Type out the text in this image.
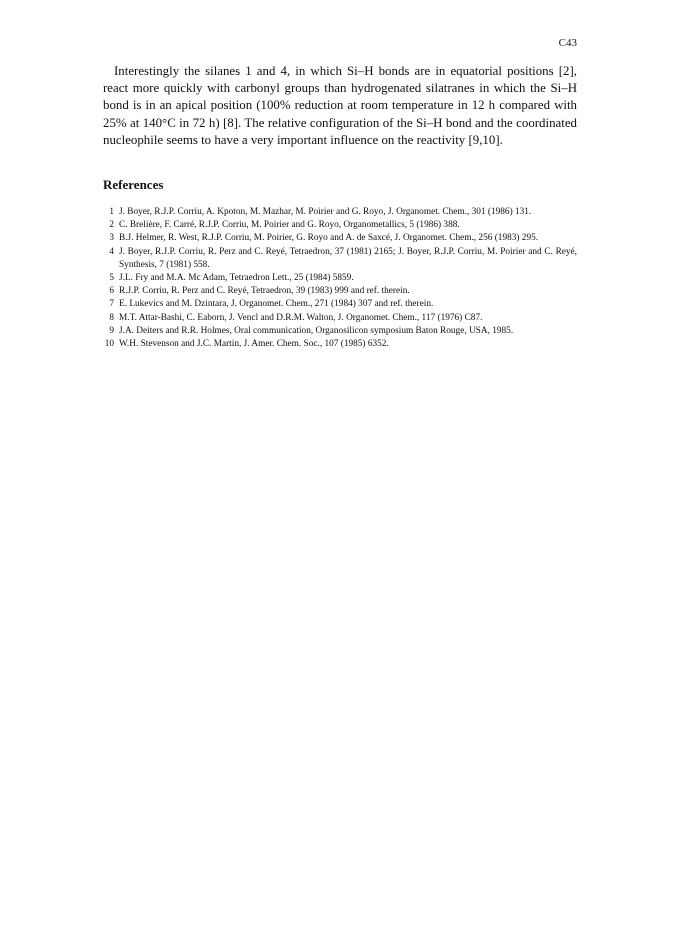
C43

Interestingly the silanes 1 and 4, in which Si–H bonds are in equatorial positions [2], react more quickly with carbonyl groups than hydrogenated silatranes in which the Si–H bond is in an apical position (100% reduction at room temperature in 12 h compared with 25% at 140°C in 72 h) [8]. The relative configuration of the Si–H bond and the coordinated nucleophile seems to have a very important influence on the reactivity [9,10].

References
1 J. Boyer, R.J.P. Corriu, A. Kpoton, M. Mazhar, M. Poirier and G. Royo, J. Organomet. Chem., 301 (1986) 131.
2 C. Brelière, F. Carré, R.J.P. Corriu, M. Poirier and G. Royo, Organometallics, 5 (1986) 388.
3 B.J. Helmer, R. West, R.J.P. Corriu, M. Poirier, G. Royo and A. de Saxcé, J. Organomet. Chem., 256 (1983) 295.
4 J. Boyer, R.J.P. Corriu, R. Perz and C. Reyé, Tetraedron, 37 (1981) 2165; J. Boyer, R.J.P. Corriu, M. Poirier and C. Reyé, Synthesis, 7 (1981) 558.
5 J.L. Fry and M.A. Mc Adam, Tetraedron Lett., 25 (1984) 5859.
6 R.J.P. Corriu, R. Perz and C. Reyé, Tetraedron, 39 (1983) 999 and ref. therein.
7 E. Lukevics and M. Dzintara, J. Organomet. Chem., 271 (1984) 307 and ref. therein.
8 M.T. Attar-Bashi, C. Eaborn, J. Vencl and D.R.M. Walton, J. Organomet. Chem., 117 (1976) C87.
9 J.A. Deiters and R.R. Holmes, Oral communication, Organosilicon symposium Baton Rouge, USA, 1985.
10 W.H. Stevenson and J.C. Martin, J. Amer. Chem. Soc., 107 (1985) 6352.
